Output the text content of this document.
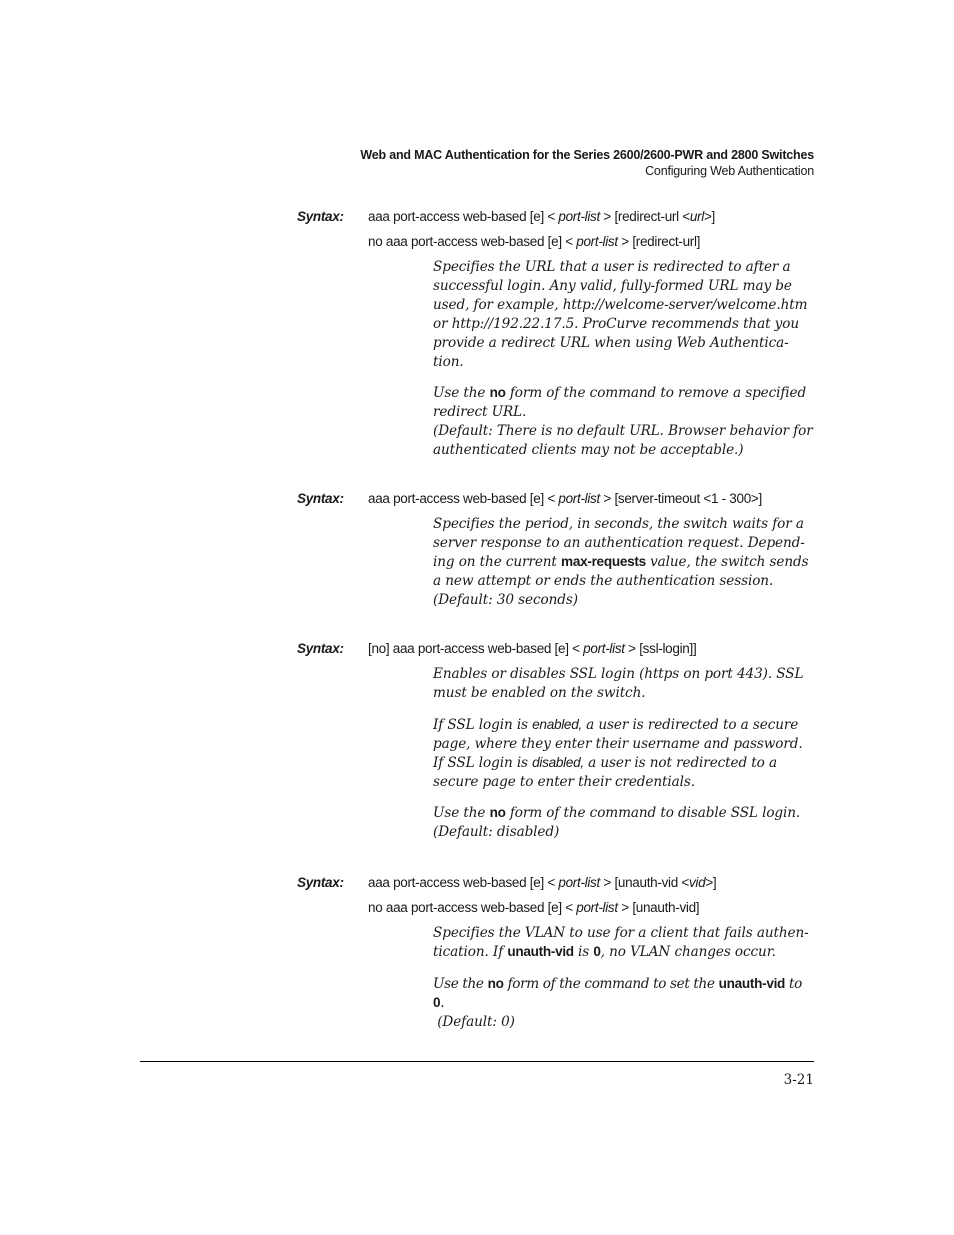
Web and MAC Authentication for the Series 2600/2600-PWR and 2800 Switches
Configuring Web Authentication
Syntax: aaa port-access web-based [e] < port-list > [redirect-url <url>]
no aaa port-access web-based [e] < port-list > [redirect-url]

Specifies the URL that a user is redirected to after a successful login. Any valid, fully-formed URL may be used, for example, http://welcome-server/welcome.htm or http://192.22.17.5. ProCurve recommends that you provide a redirect URL when using Web Authentica-tion.

Use the no form of the command to remove a specified redirect URL.

(Default: There is no default URL. Browser behavior for authenticated clients may not be acceptable.)

Syntax: aaa port-access web-based [e] < port-list > [server-timeout <1 - 300>]

Specifies the period, in seconds, the switch waits for a server response to an authentication request. Depend-ing on the current max-requests value, the switch sends a new attempt or ends the authentication session.

(Default: 30 seconds)

Syntax: [no] aaa port-access web-based [e] < port-list > [ssl-login]]

Enables or disables SSL login (https on port 443). SSL must be enabled on the switch.

If SSL login is enabled, a user is redirected to a secure page, where they enter their username and password. If SSL login is disabled, a user is not redirected to a secure page to enter their credentials.

Use the no form of the command to disable SSL login.

(Default: disabled)

Syntax: aaa port-access web-based [e] < port-list > [unauth-vid <vid>]
no aaa port-access web-based [e] < port-list > [unauth-vid]

Specifies the VLAN to use for a client that fails authen-tication. If unauth-vid is 0, no VLAN changes occur.

Use the no form of the command to set the unauth-vid to 0.

(Default: 0)

3-21
